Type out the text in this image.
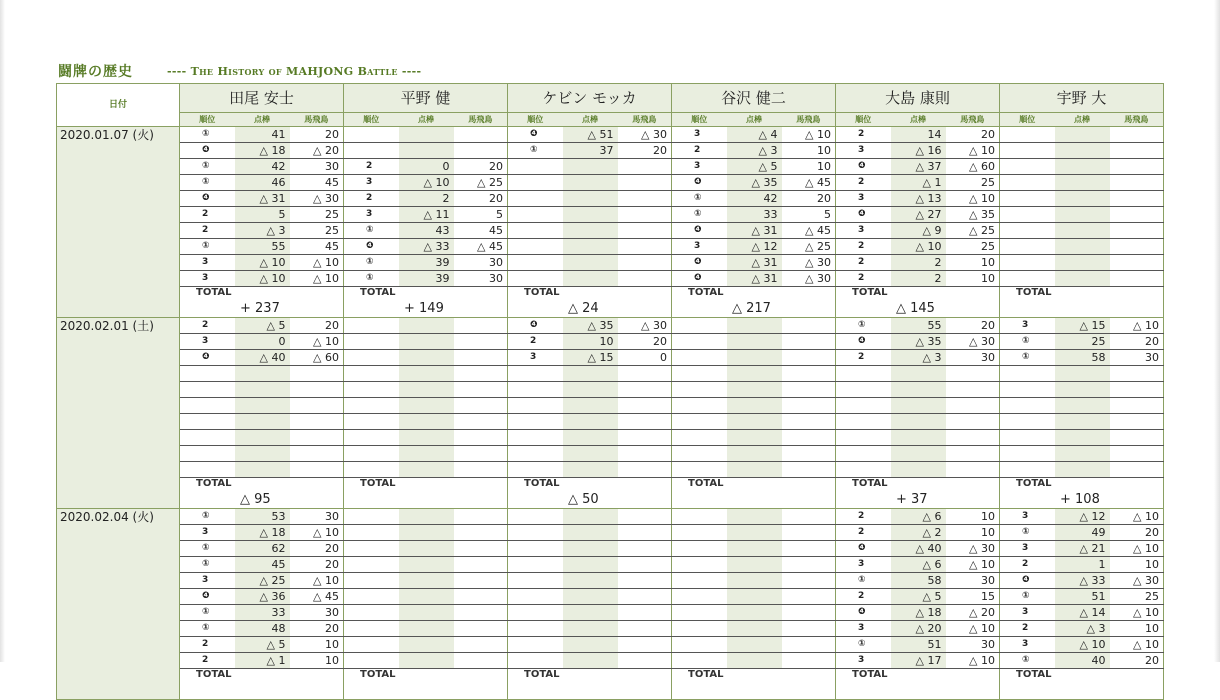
闘牌の歴史	---- The History of MAHJONG Battle ----
日付	田尾 安士			平野 健			ケビン モッカ			谷沢 健二			大島 康則			宇野 大		
	順位	点棒	馬飛鳥	順位	点棒	馬飛鳥	順位	点棒	馬飛鳥	順位	点棒	馬飛鳥	順位	点棒	馬飛鳥	順位	点棒	馬飛鳥

2020.01.07 (火)	①	41	20				❹	△ 51	△ 30	3	△ 4	△ 10	2	14	20			
	❹	△ 18	△ 20				①	37	20	2	△ 3	10	3	△ 16	△ 10			
	①	42	30	2	0	20				3	△ 5	10	❹	△ 37	△ 60			
	①	46	45	3	△ 10	△ 25				❹	△ 35	△ 45	2	△ 1	25			
	❹	△ 31	△ 30	2	2	20				①	42	20	3	△ 13	△ 10			
	2	5	25	3	△ 11	5				①	33	5	❹	△ 27	△ 35			
	2	△ 3	25	①	43	45				❹	△ 31	△ 45	3	△ 9	△ 25			
	①	55	45	❹	△ 33	△ 45				3	△ 12	△ 25	2	△ 10	25			
	3	△ 10	△ 10	①	39	30				❹	△ 31	△ 30	2	2	10			
	3	△ 10	△ 10	①	39	30				❹	△ 31	△ 30	2	2	10			
	TOTAL			TOTAL			TOTAL			TOTAL			TOTAL			TOTAL		
	+ 237			+ 149			△ 24			△ 217			△ 145					

2020.02.01 (土)	2	△ 5	20				❹	△ 35	△ 30				①	55	20	3	△ 15	△ 10
	3	0	△ 10				2	10	20				❹	△ 35	△ 30	①	25	20
	❹	△ 40	△ 60				3	△ 15	0				2	△ 3	30	①	58	30

	TOTAL			TOTAL			TOTAL			TOTAL			TOTAL			TOTAL		
	△ 95						△ 50						+ 37			+ 108		

2020.02.04 (火)	①	53	30										2	△ 6	10	3	△ 12	△ 10
	3	△ 18	△ 10										2	△ 2	10	①	49	20
	①	62	20										❹	△ 40	△ 30	3	△ 21	△ 10
	①	45	20										3	△ 6	△ 10	2	1	10
	3	△ 25	△ 10										①	58	30	❹	△ 33	△ 30
	❹	△ 36	△ 45										2	△ 5	15	①	51	25
	①	33	30										❹	△ 18	△ 20	3	△ 14	△ 10
	①	48	20										3	△ 20	△ 10	2	△ 3	10
	2	△ 5	10										①	51	30	3	△ 10	△ 10
	2	△ 1	10										3	△ 17	△ 10	①	40	20
	TOTAL			TOTAL			TOTAL			TOTAL			TOTAL			TOTAL		
